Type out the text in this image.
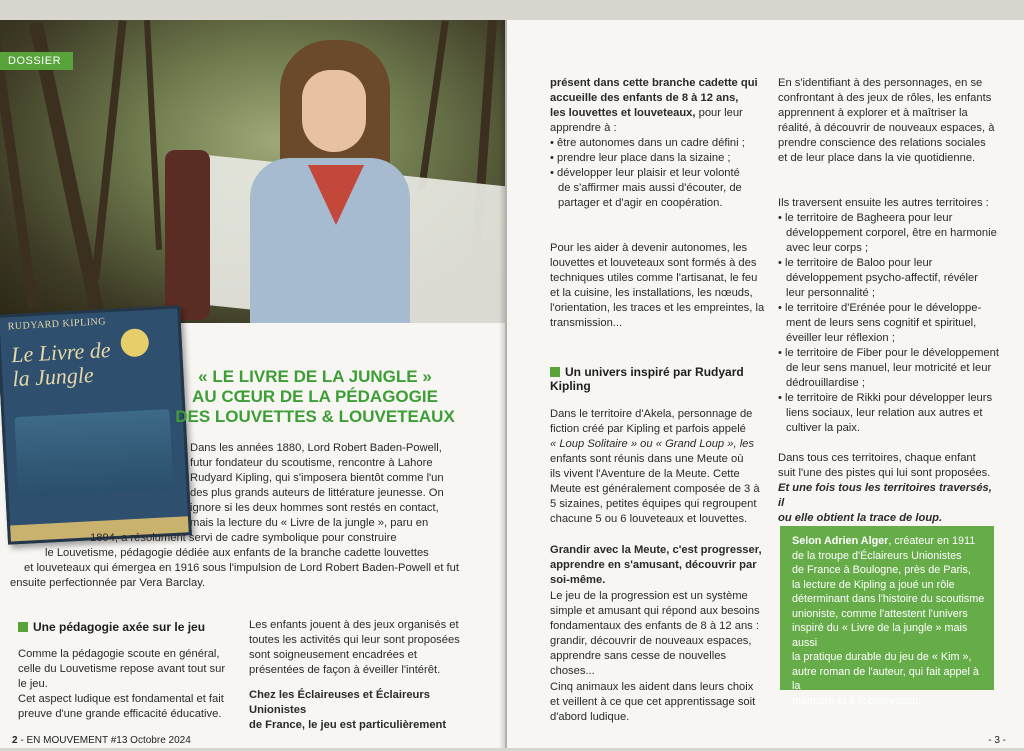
DOSSIER
RUDYARD KIPLING
Le Livre de la Jungle	« LE LIVRE DE LA JUNGLE »
AU CŒUR DE LA PÉDAGOGIE
DES LOUVETTES & LOUVETEAUX
Dans les années 1880, Lord Robert Baden-Powell,
futur fondateur du scoutisme, rencontre à Lahore
Rudyard Kipling, qui s'imposera bientôt comme l'un
des plus grands auteurs de littérature jeunesse. On
ignore si les deux hommes sont restés en contact,
mais la lecture du « Livre de la jungle », paru en
1894, a résolument servi de cadre symbolique pour construire
le Louvetisme, pédagogie dédiée aux enfants de la branche cadette louvettes
et louveteaux qui émergea en 1916 sous l'impulsion de Lord Robert Baden-Powell et fut
ensuite perfectionnée par Vera Barclay.
Une pédagogie axée sur le jeu

Comme la pédagogie scoute en général,

celle du Louvetisme repose avant tout sur

le jeu.

Cet aspect ludique est fondamental et fait

preuve d'une grande efficacité éducative.

Les enfants jouent à des jeux organisés et

toutes les activités qui leur sont proposées

sont soigneusement encadrées et

présentées de façon à éveiller l'intérêt.

Chez les Éclaireuses et Éclaireurs Unionistes

de France, le jeu est particulièrement

2 - EN MOUVEMENT #13 Octobre 2024

présent dans cette branche cadette qui

accueille des enfants de 8 à 12 ans,

les louvettes et louveteaux, pour leur

apprendre à :

• être autonomes dans un cadre défini ;

• prendre leur place dans la sizaine ;

• développer leur plaisir et leur volonté

de s'affirmer mais aussi d'écouter, de

partager et d'agir en coopération.

Pour les aider à devenir autonomes, les

louvettes et louveteaux sont formés à des

techniques utiles comme l'artisanat, le feu

et la cuisine, les installations, les nœuds,

l'orientation, les traces et les empreintes, la

transmission...

Un univers inspiré par Rudyard Kipling

Dans le territoire d'Akela, personnage de

fiction créé par Kipling et parfois appelé

« Loup Solitaire » ou « Grand Loup », les

enfants sont réunis dans une Meute où

ils vivent l'Aventure de la Meute. Cette

Meute est généralement composée de 3 à

5 sizaines, petites équipes qui regroupent

chacune 5 ou 6 louveteaux et louvettes.

Grandir avec la Meute, c'est progresser,

apprendre en s'amusant, découvrir par

soi-même.

Le jeu de la progression est un système

simple et amusant qui répond aux besoins

fondamentaux des enfants de 8 à 12 ans :

grandir, découvrir de nouveaux espaces,

apprendre sans cesse de nouvelles choses...

Cinq animaux les aident dans leurs choix

et veillent à ce que cet apprentissage soit

d'abord ludique.

En s'identifiant à des personnages, en se

confrontant à des jeux de rôles, les enfants

apprennent à explorer et à maîtriser la

réalité, à découvrir de nouveaux espaces, à

prendre conscience des relations sociales

et de leur place dans la vie quotidienne.

Ils traversent ensuite les autres territoires :

• le territoire de Bagheera pour leur

développement corporel, être en harmonie

avec leur corps ;

• le territoire de Baloo pour leur

développement psycho-affectif, révéler

leur personnalité ;

• le territoire d'Erénée pour le développe-

ment de leurs sens cognitif et spirituel,

éveiller leur réflexion ;

• le territoire de Fiber pour le développement

de leur sens manuel, leur motricité et leur

dédrouillardise ;

• le territoire de Rikki pour développer leurs

liens sociaux, leur relation aux autres et

cultiver la paix.

Dans tous ces territoires, chaque enfant

suit l'une des pistes qui lui sont proposées.

Et une fois tous les territoires traversés, il

ou elle obtient la trace de loup.

- 3 -
Selon Adrien Alger, créateur en 1911
de la troupe d'Éclaireurs Unionistes
de France à Boulogne, près de Paris,
la lecture de Kipling a joué un rôle
déterminant dans l'histoire du scoutisme
unioniste, comme l'attestent l'univers
inspiré du « Livre de la jungle » mais aussi
la pratique durable du jeu de « Kim »,
autre roman de l'auteur, qui fait appel à la
mémoire et à l'observation.
